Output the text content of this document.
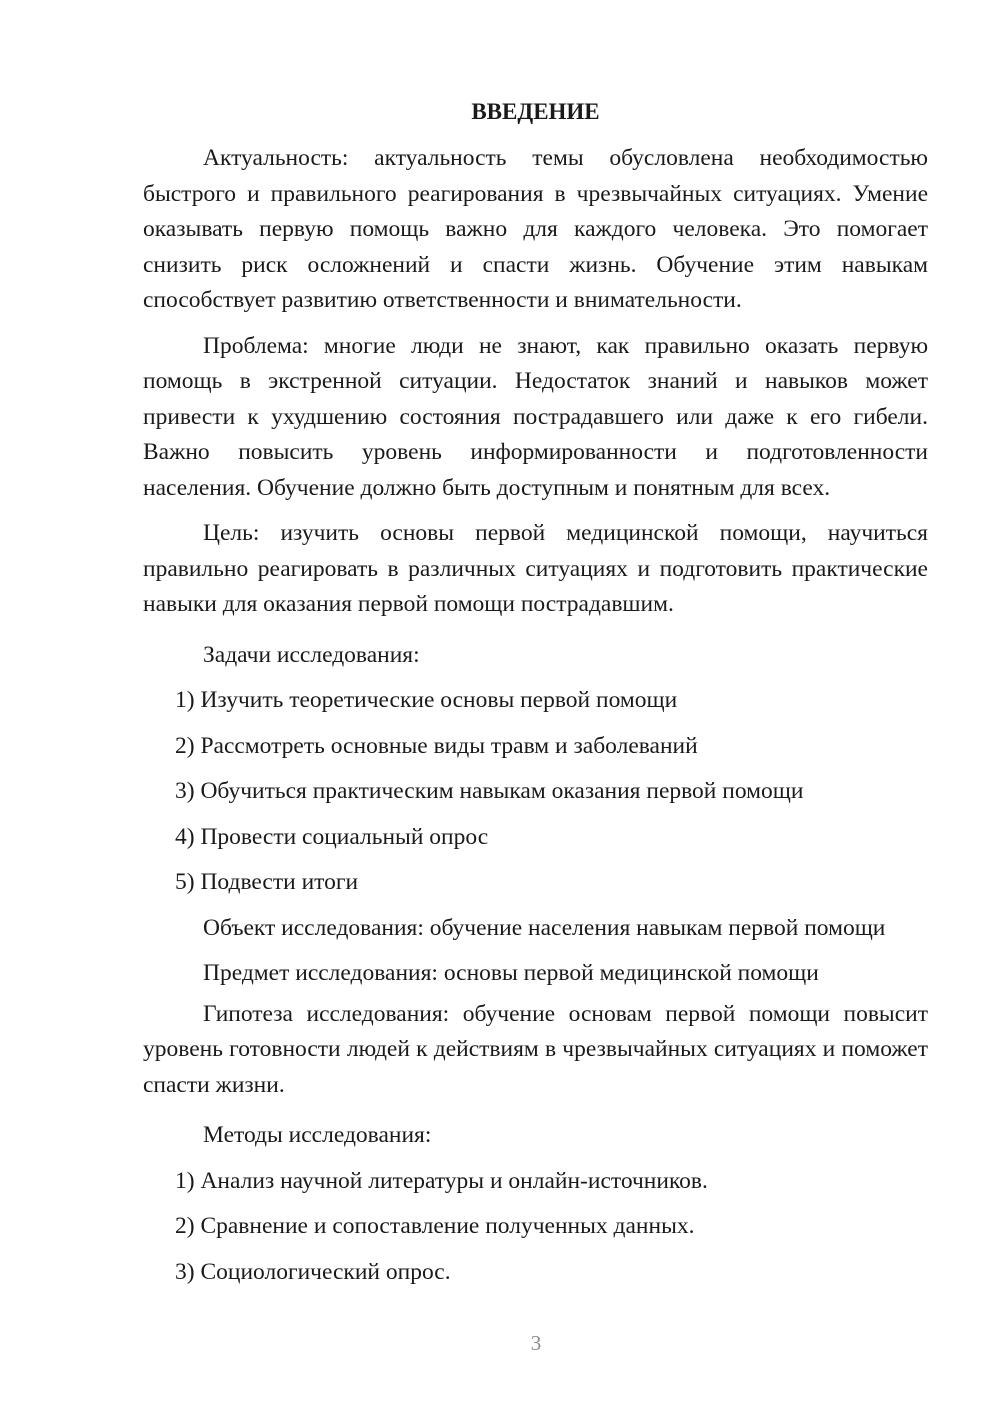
ВВЕДЕНИЕ

Актуальность: актуальность темы обусловлена необходимостью быстрого и правильного реагирования в чрезвычайных ситуациях. Умение оказывать первую помощь важно для каждого человека. Это помогает снизить риск осложнений и спасти жизнь. Обучение этим навыкам способствует развитию ответственности и внимательности.

Проблема: многие люди не знают, как правильно оказать первую помощь в экстренной ситуации. Недостаток знаний и навыков может привести к ухудшению состояния пострадавшего или даже к его гибели. Важно повысить уровень информированности и подготовленности населения. Обучение должно быть доступным и понятным для всех.

Цель: изучить основы первой медицинской помощи, научиться правильно реагировать в различных ситуациях и подготовить практические навыки для оказания первой помощи пострадавшим.

Задачи исследования:

1) Изучить теоретические основы первой помощи

2) Рассмотреть основные виды травм и заболеваний

3) Обучиться практическим навыкам оказания первой помощи

4) Провести социальный опрос

5) Подвести итоги

Объект исследования: обучение населения навыкам первой помощи

Предмет исследования: основы первой медицинской помощи

Гипотеза исследования: обучение основам первой помощи повысит уровень готовности людей к действиям в чрезвычайных ситуациях и поможет спасти жизни.

Методы исследования:

1) Анализ научной литературы и онлайн-источников.

2) Сравнение и сопоставление полученных данных.

3) Социологический опрос.

3
